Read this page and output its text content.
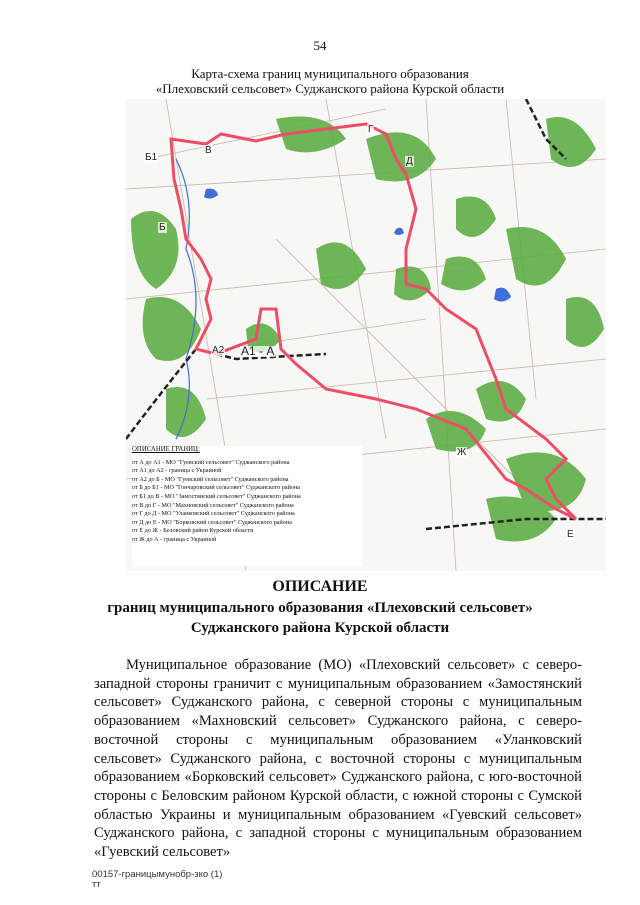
54
Карта-схема границ муниципального образования
«Плеховский сельсовет» Суджанского района Курской области
Б1
В
Г
Д
Б
А2 А1 - А
Ж
Е
ОПИСАНИЕ ГРАНИЦ:
от А до А1 - МО "Гуевский сельсовет" Суджанского района
от А1 до А2 - граница с Украиной
от А2 до Б - МО "Гуевский сельсовет" Суджанского района
от Б до Б1 - МО "Гончаровский сельсовет" Суджанского района
от Б1 до В - МО "Замостянский сельсовет" Суджанского района
от В до Г - МО "Махновский сельсовет" Суджанского района
от Г до Д - МО "Уланковский сельсовет" Суджанского района
от Д до Е - МО "Борковский сельсовет" Суджанского района
от Е до Ж - Беловский район Курской области
от Ж до А - граница с Украиной
ОПИСАНИЕ
границ муниципального образования «Плеховский сельсовет»
Суджанского района Курской области
Муниципальное образование (МО) «Плеховский сельсовет» с северо-западной стороны граничит с муниципальным образованием «Замостянский сельсовет» Суджанского района, с северной стороны с муниципальным образованием «Махновский сельсовет» Суджанского района, с северо-восточной стороны с муниципальным образованием «Уланковский сельсовет» Суджанского района, с восточной стороны с муниципальным образованием «Борковский сельсовет» Суджанского района, с юго-восточной стороны с Беловским районом Курской области, с южной стороны с Сумской областью Украины и муниципальным образованием «Гуевский сельсовет» Суджанского района, с западной стороны с муниципальным образованием «Гуевский сельсовет»
00157-границымунобр-зко (1)
тт
